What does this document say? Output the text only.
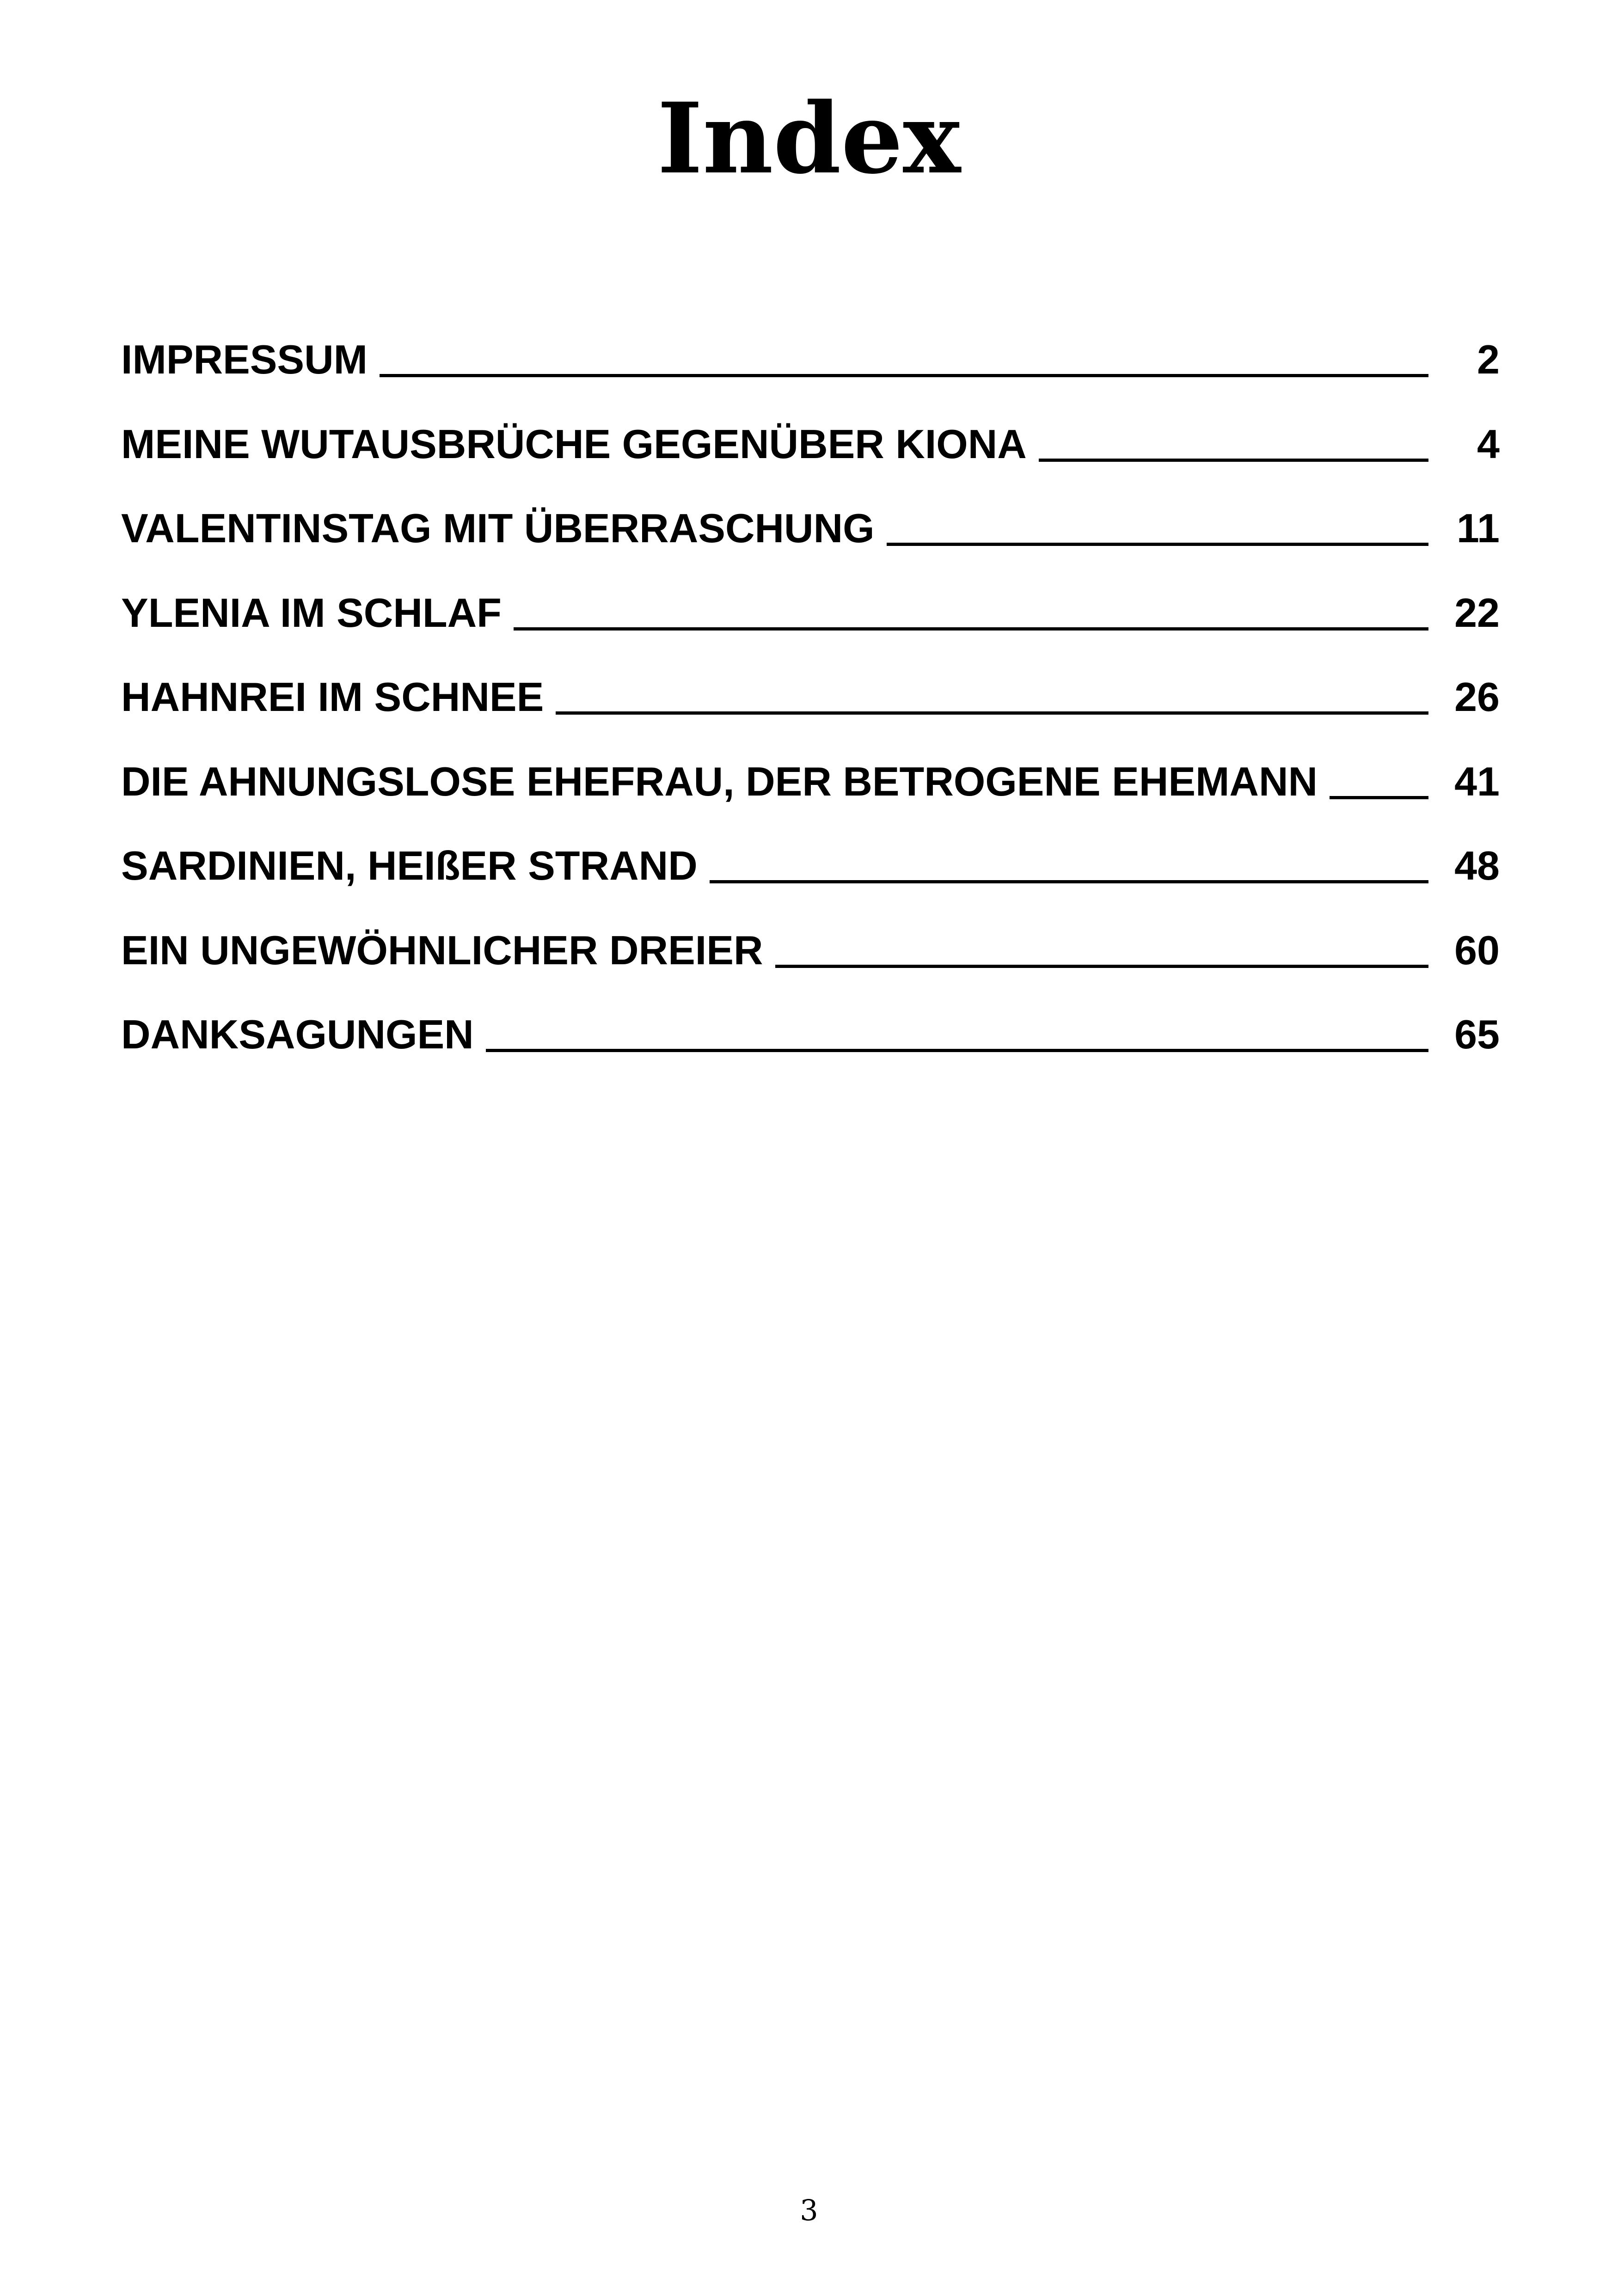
Index
IMPRESSUM	2
MEINE WUTAUSBRÜCHE GEGENÜBER KIONA	4
VALENTINSTAG MIT ÜBERRASCHUNG	11
YLENIA IM SCHLAF	22
HAHNREI IM SCHNEE	26
DIE AHNUNGSLOSE EHEFRAU, DER BETROGENE EHEMANN	41
SARDINIEN, HEIßER STRAND	48
EIN UNGEWÖHNLICHER DREIER	60
DANKSAGUNGEN	65
3
